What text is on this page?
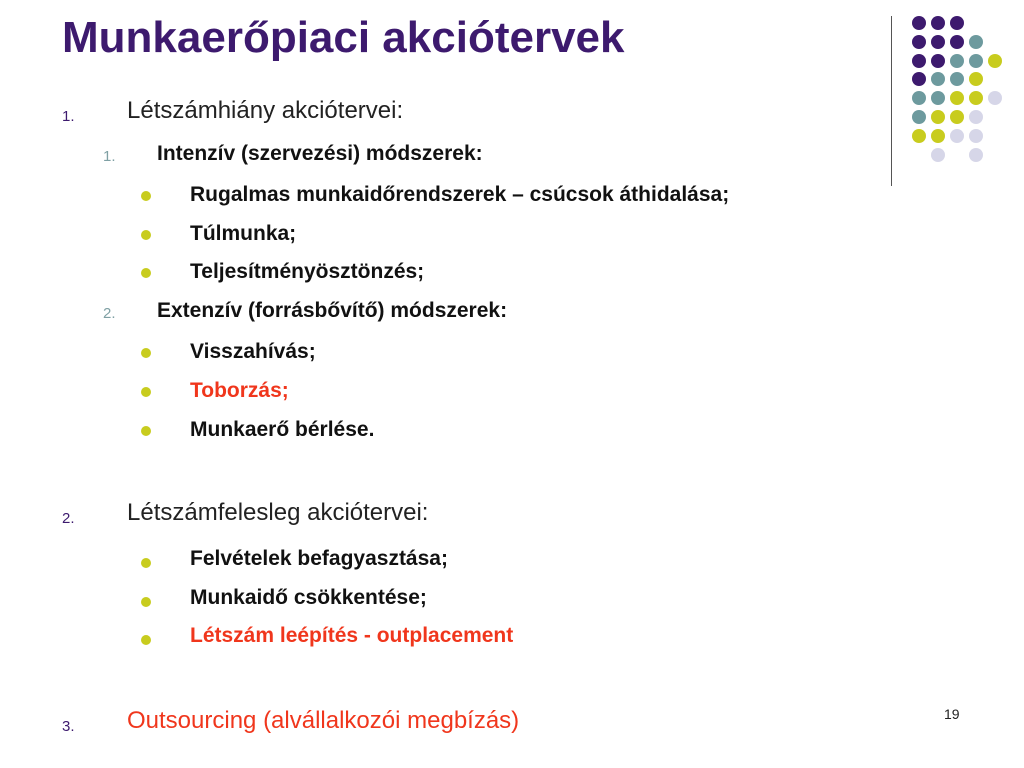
Munkaerőpiaci akciótervek
1. Létszámhiány akciótervei:
1. Intenzív (szervezési) módszerek:
Rugalmas munkaidőrendszerek – csúcsok áthidalása;
Túlmunka;
Teljesítményösztönzés;
2. Extenzív (forrásbővítő) módszerek:
Visszahívás;
Toborzás;
Munkaerő bérlése.
2. Létszámfelesleg akciótervei:
Felvételek befagyasztása;
Munkaidő csökkentése;
Létszám leépítés - outplacement
3. Outsourcing (alvállalkozói megbízás)	19
